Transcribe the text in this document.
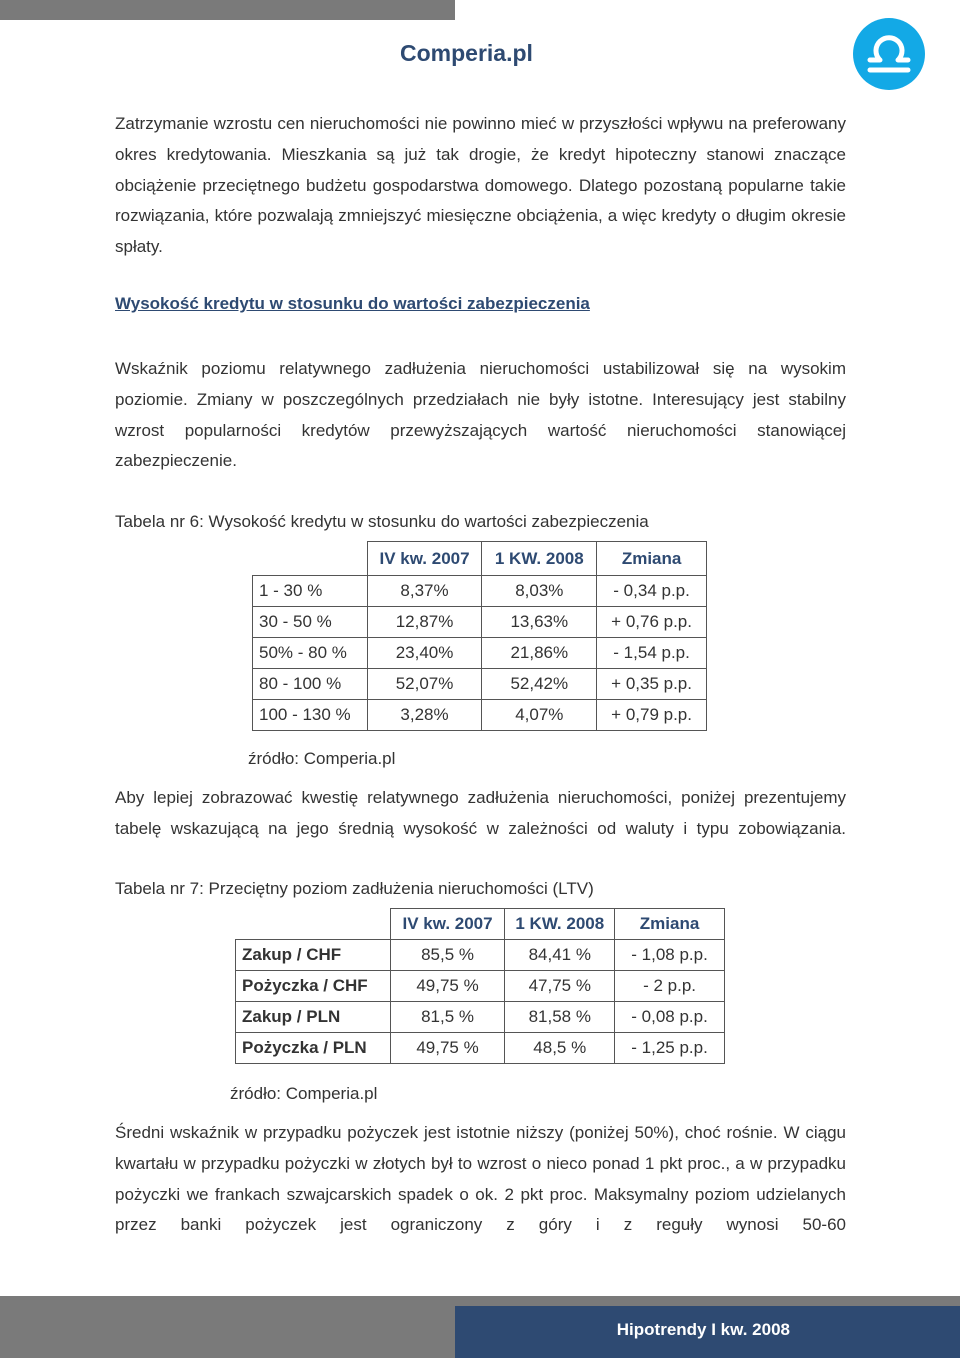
Comperia.pl

Zatrzymanie wzrostu cen nieruchomości nie powinno mieć w przyszłości wpływu na preferowany okres kredytowania. Mieszkania są już tak drogie, że kredyt hipoteczny stanowi znaczące obciążenie przeciętnego budżetu gospodarstwa domowego. Dlatego pozostaną popularne takie rozwiązania, które pozwalają zmniejszyć miesięczne obciążenia, a więc kredyty o długim okresie spłaty.

Wysokość kredytu w stosunku do wartości zabezpieczenia

Wskaźnik poziomu relatywnego zadłużenia nieruchomości ustabilizował się na wysokim poziomie. Zmiany w poszczególnych przedziałach nie były istotne. Interesujący jest stabilny wzrost popularności kredytów przewyższających wartość nieruchomości stanowiącej zabezpieczenie.

Tabela nr 6: Wysokość kredytu w stosunku do wartości zabezpieczenia

	IV kw. 2007	1 KW. 2008	Zmiana
1 - 30 %	8,37%	8,03%	- 0,34 p.p.
30 - 50 %	12,87%	13,63%	+ 0,76 p.p.
50% - 80 %	23,40%	21,86%	- 1,54 p.p.
80 - 100 %	52,07%	52,42%	+ 0,35 p.p.
100 - 130 %	3,28%	4,07%	+ 0,79 p.p.

źródło: Comperia.pl

Aby lepiej zobrazować kwestię relatywnego zadłużenia nieruchomości, poniżej prezentujemy tabelę wskazującą na jego średnią wysokość w zależności od waluty i typu zobowiązania.

Tabela nr 7: Przeciętny poziom zadłużenia nieruchomości (LTV)

	IV kw. 2007	1 KW. 2008	Zmiana
Zakup / CHF	85,5 %	84,41 %	- 1,08 p.p.
Pożyczka / CHF	49,75 %	47,75 %	- 2 p.p.
Zakup / PLN	81,5 %	81,58 %	- 0,08 p.p.
Pożyczka / PLN	49,75 %	48,5 %	- 1,25 p.p.

źródło: Comperia.pl

Średni wskaźnik w przypadku pożyczek jest istotnie niższy (poniżej 50%), choć rośnie. W ciągu kwartału w przypadku pożyczki w złotych był to wzrost o nieco ponad 1 pkt proc., a w przypadku pożyczki we frankach szwajcarskich spadek o ok. 2 pkt proc. Maksymalny poziom udzielanych przez banki pożyczek jest ograniczony z góry i z reguły wynosi 50-60

Hipotrendy I kw. 2008
